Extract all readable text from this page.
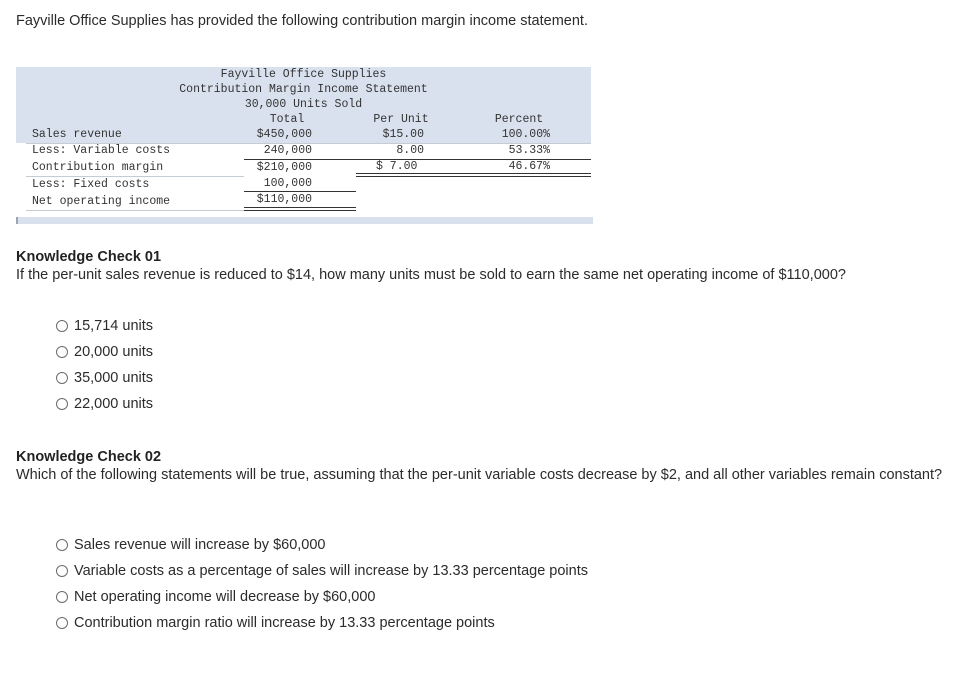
Fayville Office Supplies has provided the following contribution margin income statement.
Fayville Office Supplies
Contribution Margin Income Statement
30,000 Units Sold
Total	Per Unit	Percent
Sales revenue	$450,000	$15.00	100.00%
Less: Variable costs	240,000	8.00	53.33%
Contribution margin	$210,000	$ 7.00	46.67%
Less: Fixed costs	100,000
Net operating income	$110,000
Knowledge Check 01
If the per-unit sales revenue is reduced to $14, how many units must be sold to earn the same net operating income of $110,000?
15,714 units
20,000 units
35,000 units
22,000 units
Knowledge Check 02
Which of the following statements will be true, assuming that the per-unit variable costs decrease by $2, and all other variables remain constant?
Sales revenue will increase by $60,000
Variable costs as a percentage of sales will increase by 13.33 percentage points
Net operating income will decrease by $60,000
Contribution margin ratio will increase by 13.33 percentage points
